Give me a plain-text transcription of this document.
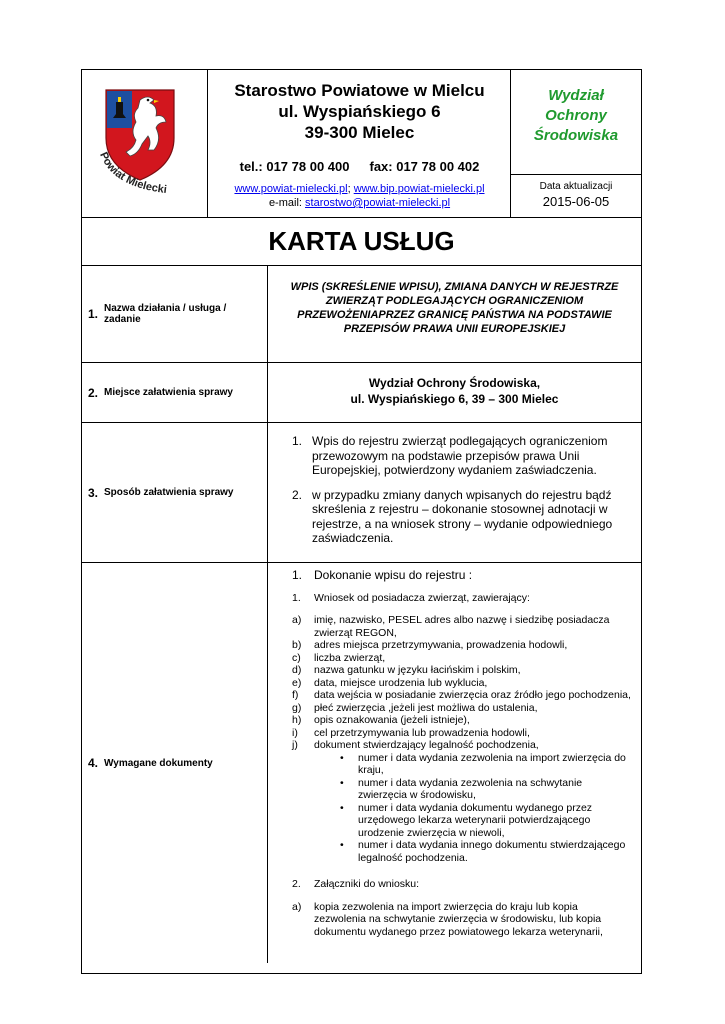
Powiat Mielecki
Starostwo Powiatowe w Mielcu
ul. Wyspiańskiego 6
39-300 Mielec
tel.: 017 78 00 400 fax: 017 78 00 402
www.powiat-mielecki.pl; www.bip.powiat-mielecki.pl
e-mail: starostwo@powiat-mielecki.pl
Wydział
Ochrony
Środowiska
Data aktualizacji
2015-06-05
KARTA USŁUG
1. Nazwa działania / usługa / zadanie
WPIS (SKREŚLENIE WPISU), ZMIANA DANYCH W REJESTRZE ZWIERZĄT PODLEGAJĄCYCH OGRANICZENIOM PRZEWOŻENIAPRZEZ GRANICĘ PAŃSTWA NA PODSTAWIE PRZEPISÓW PRAWA UNII EUROPEJSKIEJ
2. Miejsce załatwienia sprawy
Wydział Ochrony Środowiska,
ul. Wyspiańskiego 6, 39 – 300 Mielec
3. Sposób załatwienia sprawy
1. Wpis do rejestru zwierząt podlegających ograniczeniom przewozowym na podstawie przepisów prawa Unii Europejskiej, potwierdzony wydaniem zaświadczenia.
2. w przypadku zmiany danych wpisanych do rejestru bądź skreślenia z rejestru – dokonanie stosownej adnotacji w rejestrze, a na wniosek strony – wydanie odpowiedniego zaświadczenia.
4. Wymagane dokumenty
1. Dokonanie wpisu do rejestru :
1.	Wniosek od posiadacza zwierząt, zawierający:
a)	imię, nazwisko, PESEL adres albo nazwę i siedzibę posiadacza zwierząt REGON,
b)	adres miejsca przetrzymywania, prowadzenia hodowli,
c)	liczba zwierząt,
d)	nazwa gatunku w języku łacińskim i polskim,
e)	data, miejsce urodzenia lub wyklucia,
f)	data wejścia w posiadanie zwierzęcia oraz źródło jego pochodzenia,
g)	płeć zwierzęcia ,jeżeli jest możliwa do ustalenia,
h)	opis oznakowania (jeżeli istnieje),
i)	cel przetrzymywania lub prowadzenia hodowli,
j)	dokument stwierdzający legalność pochodzenia,
•	numer i data wydania zezwolenia na import zwierzęcia do kraju,
•	numer i data wydania zezwolenia na schwytanie zwierzęcia w środowisku,
•	numer i data wydania dokumentu wydanego przez urzędowego lekarza weterynarii potwierdzającego urodzenie zwierzęcia w niewoli,
•	numer i data wydania innego dokumentu stwierdzającego legalność pochodzenia.
2.	Załączniki do wniosku:
a)	kopia zezwolenia na import zwierzęcia do kraju lub kopia zezwolenia na schwytanie zwierzęcia w środowisku, lub kopia dokumentu wydanego przez powiatowego lekarza weterynarii,
